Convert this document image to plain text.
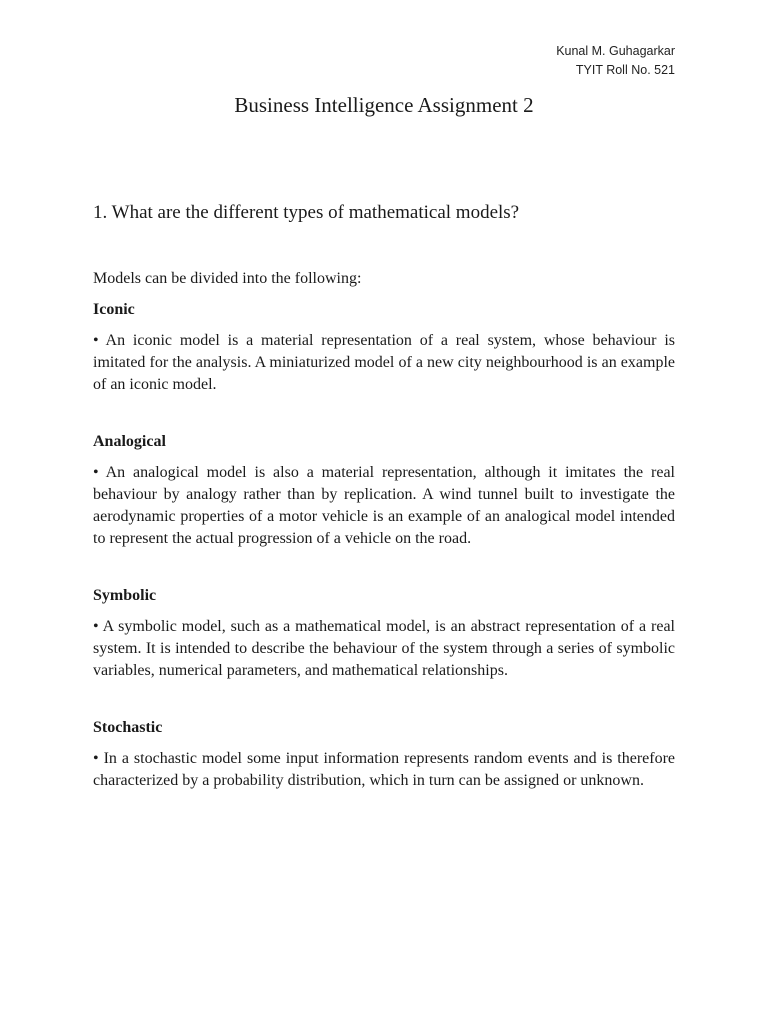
Kunal M. Guhagarkar
TYIT Roll No. 521
Business Intelligence Assignment 2
1. What are the different types of mathematical models?

Models can be divided into the following:

Iconic

• An iconic model is a material representation of a real system, whose behaviour is imitated for the analysis. A miniaturized model of a new city neighbourhood is an example of an iconic model.

Analogical

• An analogical model is also a material representation, although it imitates the real behaviour by analogy rather than by replication. A wind tunnel built to investigate the aerodynamic properties of a motor vehicle is an example of an analogical model intended to represent the actual progression of a vehicle on the road.

Symbolic

• A symbolic model, such as a mathematical model, is an abstract representation of a real system. It is intended to describe the behaviour of the system through a series of symbolic variables, numerical parameters, and mathematical relationships.

Stochastic

• In a stochastic model some input information represents random events and is therefore characterized by a probability distribution, which in turn can be assigned or unknown.
